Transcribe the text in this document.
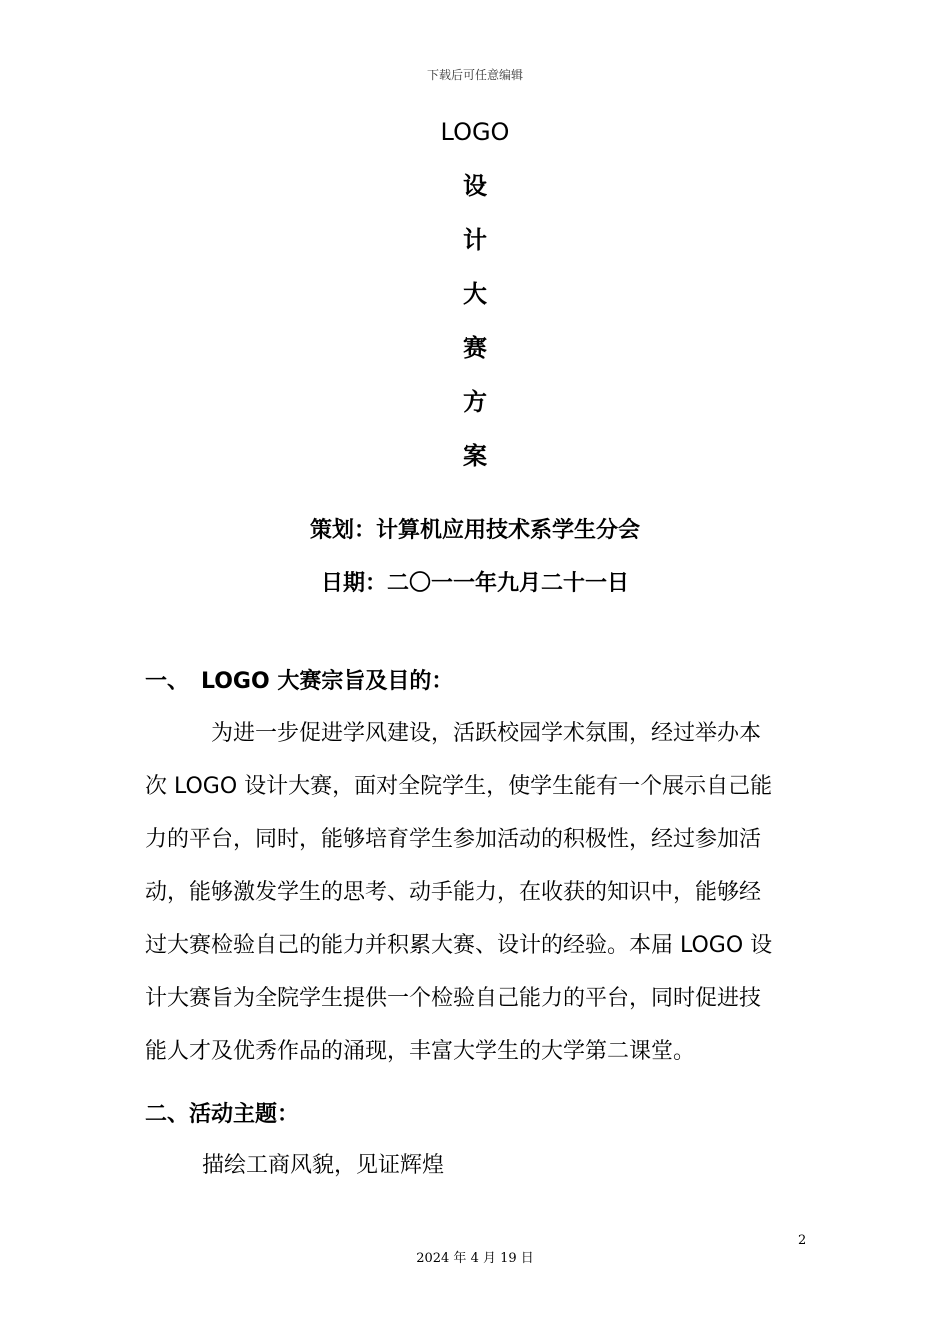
下载后可任意编辑
LOGO
设
计
大
赛
方
案
策划：计算机应用技术系学生分会
日期：二〇一一年九月二十一日
一、 LOGO 大赛宗旨及目的：
为进一步促进学风建设，活跃校园学术氛围，经过举办本
次 LOGO 设计大赛，面对全院学生，使学生能有一个展示自己能
力的平台，同时，能够培育学生参加活动的积极性，经过参加活
动，能够激发学生的思考、动手能力，在收获的知识中，能够经
过大赛检验自己的能力并积累大赛、设计的经验。本届 LOGO 设
计大赛旨为全院学生提供一个检验自己能力的平台，同时促进技
能人才及优秀作品的涌现，丰富大学生的大学第二课堂。
二、活动主题：
描绘工商风貌，见证辉煌
2
2024 年 4 月 19 日
